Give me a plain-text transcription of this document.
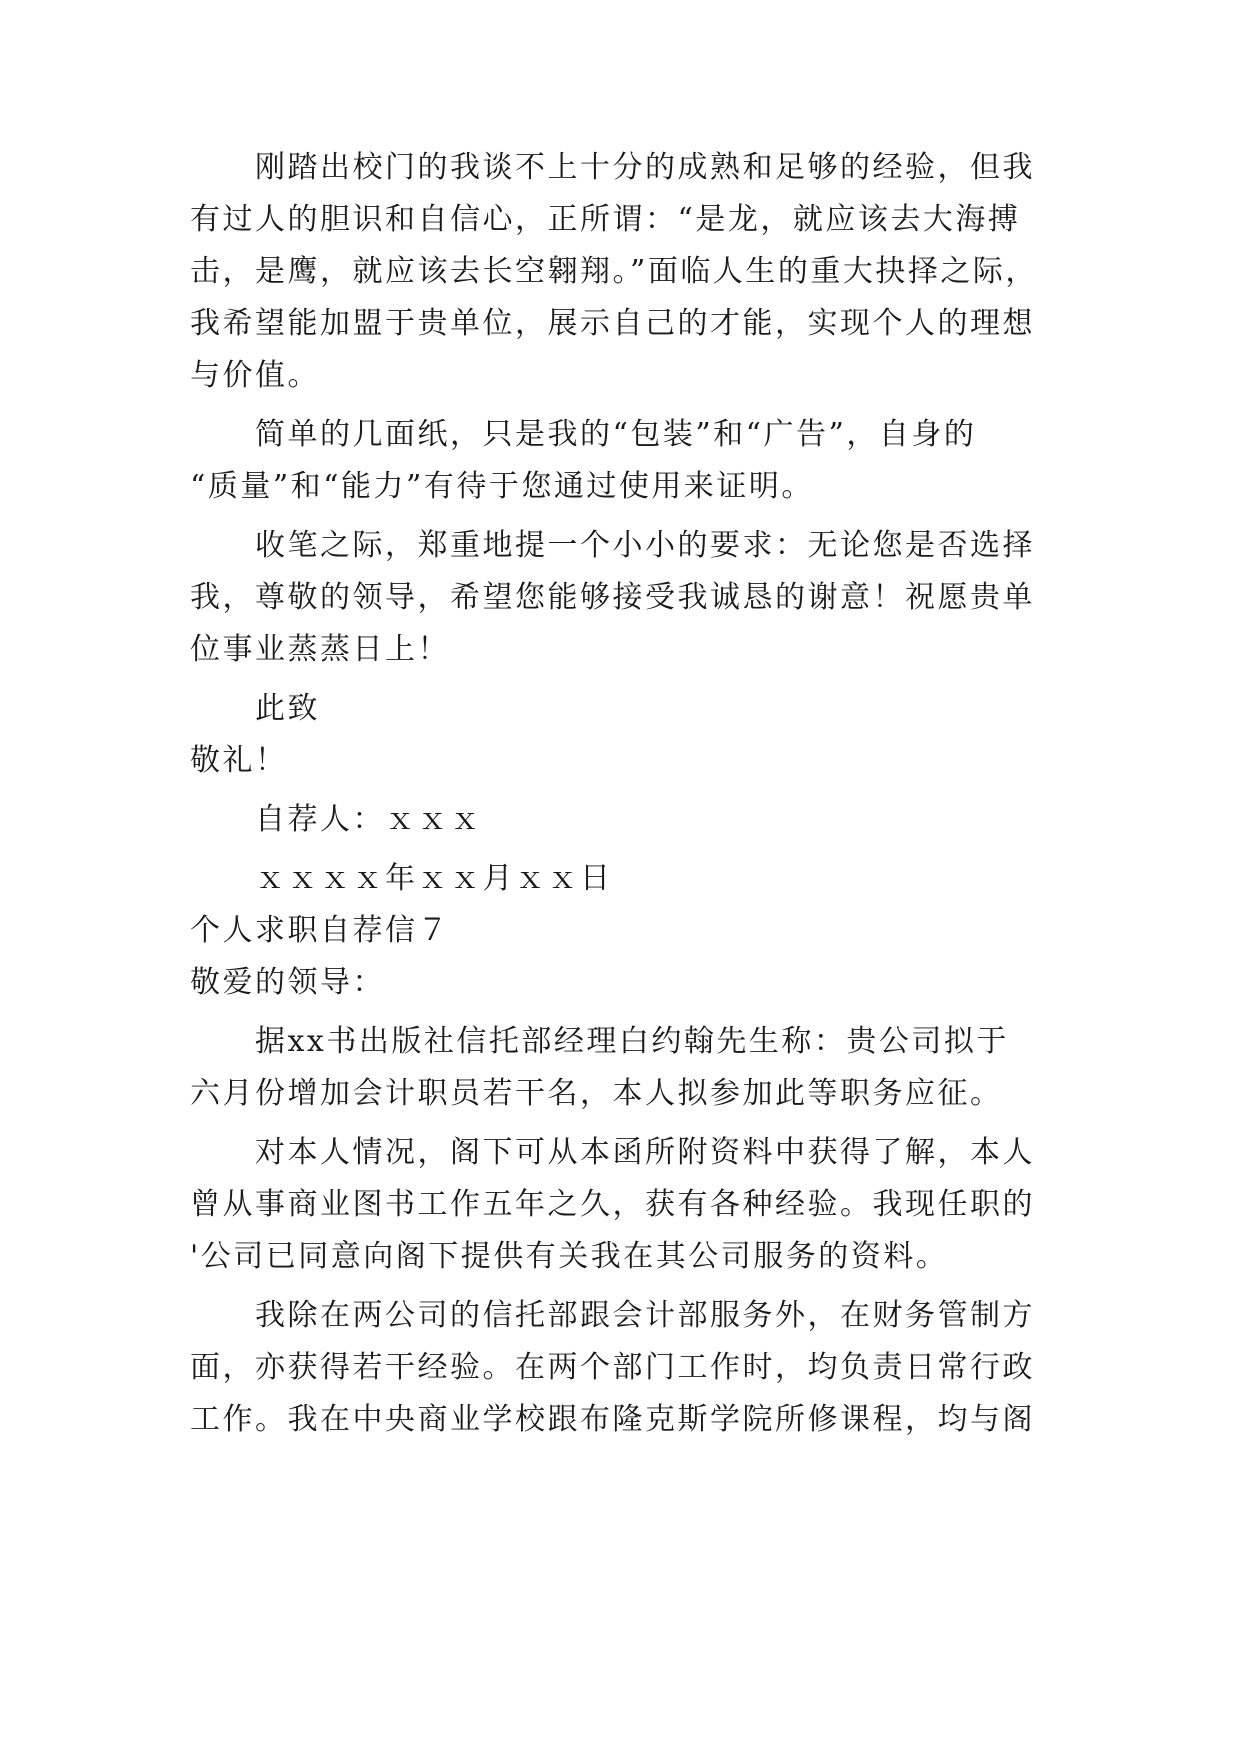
刚踏出校门的我谈不上十分的成熟和足够的经验，但我
有过人的胆识和自信心，正所谓：“是龙，就应该去大海搏
击，是鹰，就应该去长空翱翔。”面临人生的重大抉择之际，
我希望能加盟于贵单位，展示自己的才能，实现个人的理想
与价值。
简单的几面纸，只是我的“包装”和“广告”，自身的
“质量”和“能力”有待于您通过使用来证明。
收笔之际，郑重地提一个小小的要求：无论您是否选择
我，尊敬的领导，希望您能够接受我诚恳的谢意！祝愿贵单
位事业蒸蒸日上！
此致
敬礼！
自荐人：ｘｘｘ
ｘｘｘｘ年ｘｘ月ｘｘ日
个人求职自荐信７
敬爱的领导：
据xx书出版社信托部经理白约翰先生称：贵公司拟于
六月份增加会计职员若干名，本人拟参加此等职务应征。
对本人情况，阁下可从本函所附资料中获得了解，本人
曾从事商业图书工作五年之久，获有各种经验。我现任职的
'公司已同意向阁下提供有关我在其公司服务的资料。
我除在两公司的信托部跟会计部服务外，在财务管制方
面，亦获得若干经验。在两个部门工作时，均负责日常行政
工作。我在中央商业学校跟布隆克斯学院所修课程，均与阁
